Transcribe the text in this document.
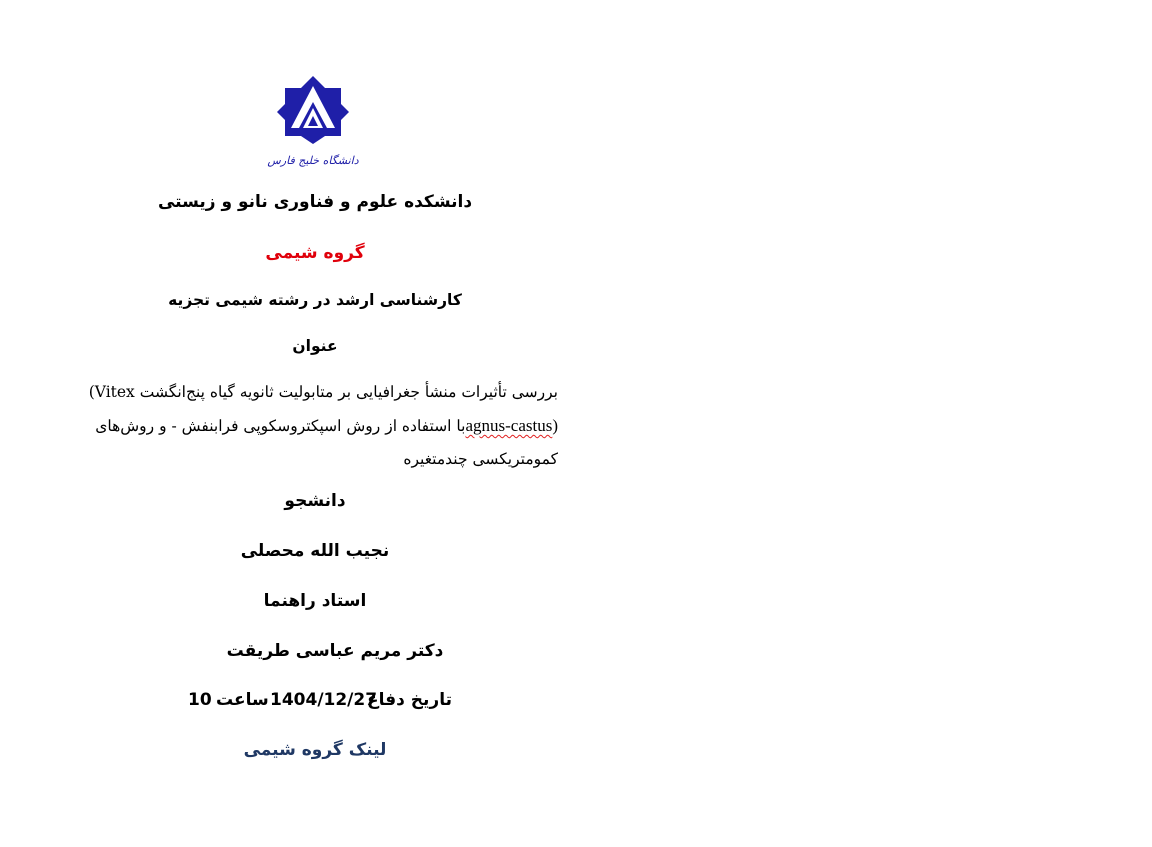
دانشگاه خلیج فارس
دانشکده علوم و فناوری نانو و زیستی
گروه شیمی
کارشناسی ارشد در رشته شیمی تجزیه
عنوان
بررسی تأثیرات منشأ جغرافیایی بر متابولیت ثانویه گیاه پنج‌انگشت Vitex)
(agnus-castusبا استفاده از روش اسپکتروسکوپی فرابنفش - و روش‌های
کمومتریکسی چندمتغیره
دانشجو
نجیب الله محصلی
استاد راهنما
دکتر مریم عباسی طریقت
10 ساعت 1404/12/27
تاریخ دفاع
لینک گروه شیمی
